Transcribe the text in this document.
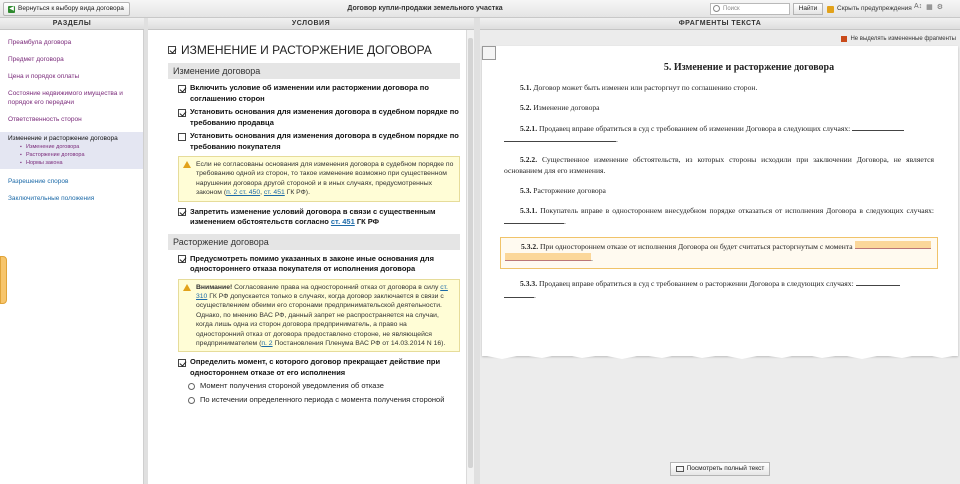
◀ Вернуться к выбору вида договора	Договор купли-продажи земельного участка	Поиск	Найти	Скрыть предупреждения A↕ ▦ ⚙
РАЗДЕЛЫ	УСЛОВИЯ	ФРАГМЕНТЫ ТЕКСТА
Преамбула договора
Предмет договора
Цена и порядок оплаты
Состояние недвижимого имущества и порядок его передачи
Ответственность сторон
Изменение и расторжение договора
▪ Изменение договора
▪ Расторжение договора
▪ Нормы закона
Разрешение споров
Заключительные положения
ИЗМЕНЕНИЕ И РАСТОРЖЕНИЕ ДОГОВОРА
Изменение договора
Включить условие об изменении или расторжении договора по соглашению сторон
Установить основания для изменения договора в судебном порядке по требованию продавца
Установить основания для изменения договора в судебном порядке по требованию покупателя
Если не согласованы основания для изменения договора в судебном порядке по требованию одной из сторон, то такое изменение возможно при существенном нарушении договора другой стороной и в иных случаях, предусмотренных законом (п. 2 ст. 450, ст. 451 ГК РФ).
Запретить изменение условий договора в связи с существенным изменением обстоятельств согласно ст. 451 ГК РФ
Расторжение договора
Предусмотреть помимо указанных в законе иные основания для одностороннего отказа покупателя от исполнения договора
Внимание! Согласование права на односторонний отказ от договора в силу ст. 310 ГК РФ допускается только в случаях, когда договор заключается в связи с осуществлением обеими его сторонами предпринимательской деятельности. Однако, по мнению ВАС РФ, данный запрет не распространяется на случаи, когда лишь одна из сторон договора предприниматель, а право на односторонний отказ от договора предоставлено стороне, не являющейся предпринимателем (п. 2 Постановления Пленума ВАС РФ от 14.03.2014 N 16).
Определить момент, с которого договор прекращает действие при одностороннем отказе от его исполнения
Момент получения стороной уведомления об отказе
По истечении определенного периода с момента получения стороной
Не выделять измененные фрагменты
5. Изменение и расторжение договора

5.1. Договор может быть изменен или расторгнут по соглашению сторон.

5.2. Изменение договора

5.2.1. Продавец вправе обратиться в суд с требованием об изменении Договора в следующих случаях:
.

5.2.2. Существенное изменение обстоятельств, из которых стороны исходили при заключении Договора, не является основанием для его изменения.

5.3. Расторжение договора

5.3.1. Покупатель вправе в одностороннем внесудебном порядке отказаться от исполнения Договора в следующих случаях: .

5.3.2. При одностороннем отказе от исполнения Договора он будет считаться расторгнутым с момента
.

5.3.3. Продавец вправе обратиться в суд с требованием о расторжении Договора в следующих случаях:
.

Посмотреть полный текст
